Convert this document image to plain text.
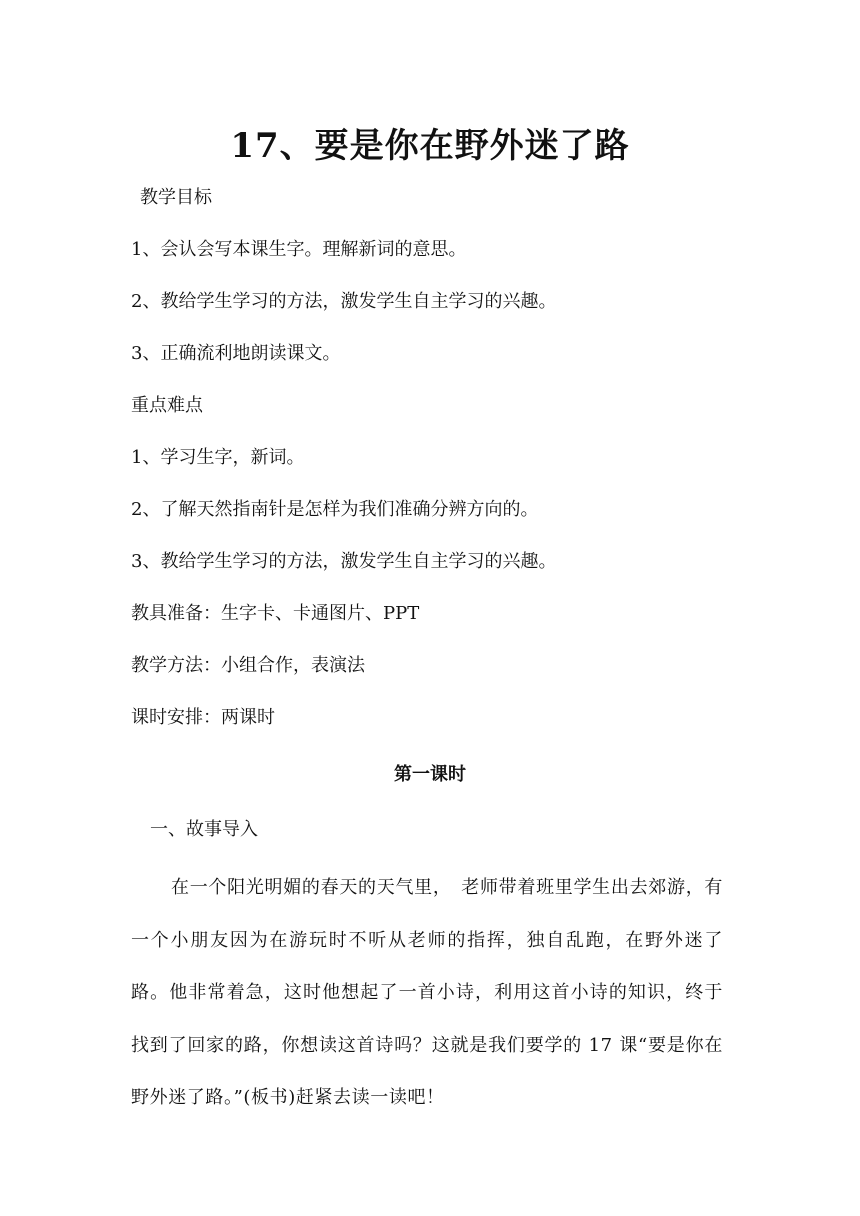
17、要是你在野外迷了路
教学目标
1、会认会写本课生字。理解新词的意思。
2、教给学生学习的方法，激发学生自主学习的兴趣。
3、正确流利地朗读课文。
重点难点
1、学习生字，新词。
2、了解天然指南针是怎样为我们准确分辨方向的。
3、教给学生学习的方法，激发学生自主学习的兴趣。
教具准备：生字卡、卡通图片、PPT
教学方法：小组合作，表演法
课时安排：两课时
第一课时
一、故事导入
在一个阳光明媚的春天的天气里，　老师带着班里学生出去郊游，有一个小朋友因为在游玩时不听从老师的指挥，独自乱跑，在野外迷了路。他非常着急，这时他想起了一首小诗，利用这首小诗的知识，终于找到了回家的路，你想读这首诗吗？这就是我们要学的 17 课“要是你在野外迷了路。”(板书)赶紧去读一读吧！
